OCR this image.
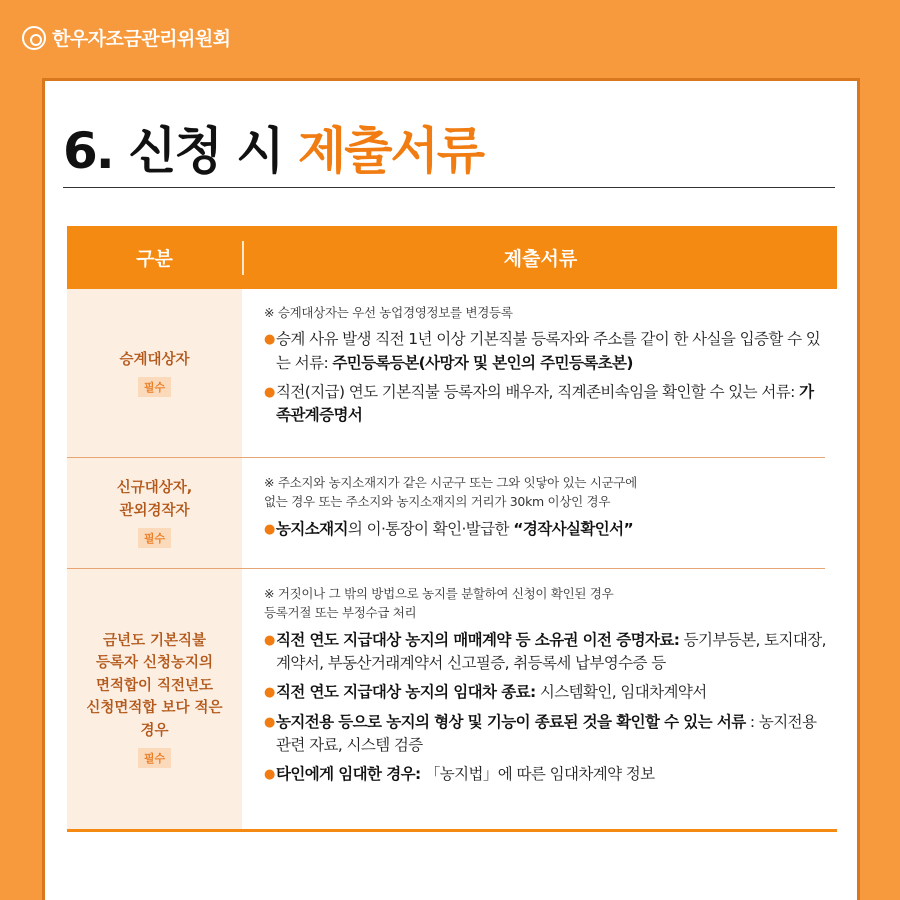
한우자조금관리위원회
6. 신청 시 제출서류
구분	제출서류
승계대상자
필수
※ 승계대상자는 우선 농업경영정보를 변경등록
● 승계 사유 발생 직전 1년 이상 기본직불 등록자와 주소를 같이 한 사실을 입증할 수 있는 서류: 주민등록등본(사망자 및 본인의 주민등록초본)
● 직전(지급) 연도 기본직불 등록자의 배우자, 직계존비속임을 확인할 수 있는 서류: 가족관계증명서
신규대상자,
관외경작자
필수
※ 주소지와 농지소재지가 같은 시군구 또는 그와 잇닿아 있는 시군구에
없는 경우 또는 주소지와 농지소재지의 거리가 30km 이상인 경우
● 농지소재지의 이·통장이 확인·발급한 “경작사실확인서”
금년도 기본직불
등록자 신청농지의
면적합이 직전년도
신청면적합 보다 적은
경우
필수
※ 거짓이나 그 밖의 방법으로 농지를 분할하여 신청이 확인된 경우
등록거절 또는 부정수급 처리
● 직전 연도 지급대상 농지의 매매계약 등 소유권 이전 증명자료: 등기부등본, 토지대장, 계약서, 부동산거래계약서 신고필증, 취등록세 납부영수증 등
● 직전 연도 지급대상 농지의 임대차 종료: 시스템확인, 임대차계약서
● 농지전용 등으로 농지의 형상 및 기능이 종료된 것을 확인할 수 있는 서류 : 농지전용 관련 자료, 시스템 검증
● 타인에게 임대한 경우: 「농지법」에 따른 임대차계약 정보
